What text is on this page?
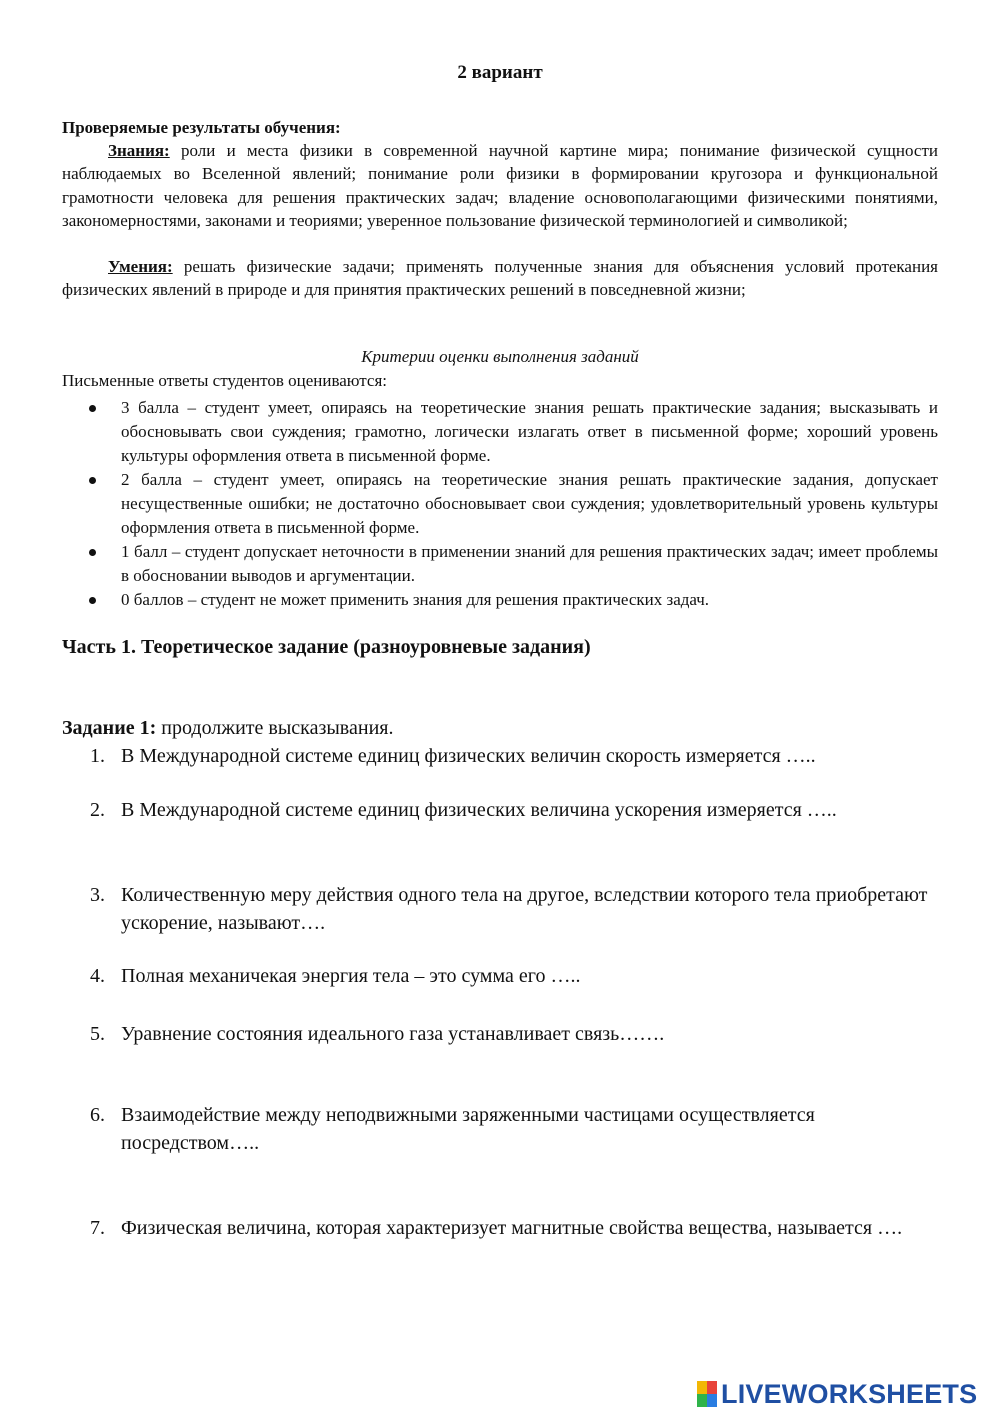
2 вариант
Проверяемые результаты обучения:

Знания: роли и места физики в современной научной картине мира; понимание физической сущности наблюдаемых во Вселенной явлений; понимание роли физики в формировании кругозора и функциональной грамотности человека для решения практических задач; владение основополагающими физическими понятиями, закономерностями, законами и теориями; уверенное пользование физической терминологией и символикой;

Умения: решать физические задачи; применять полученные знания для объяснения условий протекания физических явлений в природе и для принятия практических решений в повседневной жизни;

Критерии оценки выполнения заданий
Письменные ответы студентов оцениваются:
3 балла – студент умеет, опираясь на теоретические знания решать практические задания; высказывать и обосновывать свои суждения; грамотно, логически излагать ответ в письменной форме; хороший уровень культуры оформления ответа в письменной форме.
2 балла – студент умеет, опираясь на теоретические знания решать практические задания, допускает несущественные ошибки; не достаточно обосновывает свои суждения; удовлетворительный уровень культуры оформления ответа в письменной форме.
1 балл – студент допускает неточности в применении знаний для решения практических задач; имеет проблемы в обосновании выводов и аргументации.
0 баллов – студент не может применить знания для решения практических задач.
Часть 1. Теоретическое задание (разноуровневые задания)
Задание 1: продолжите высказывания.
1. В Международной системе единиц физических величин скорость измеряется …..
2. В Международной системе единиц физических величина ускорения измеряется …..
3. Количественную меру действия одного тела на другое, вследствии которого тела приобретают ускорение, называют….
4. Полная механичекая энергия тела – это сумма его …..
5. Уравнение состояния идеального газа устанавливает связь…….
6. Взаимодействие между неподвижными заряженными частицами осуществляется посредством…..
7. Физическая величина, которая характеризует магнитные свойства вещества, называется ….
LIVEWORKSHEETS
